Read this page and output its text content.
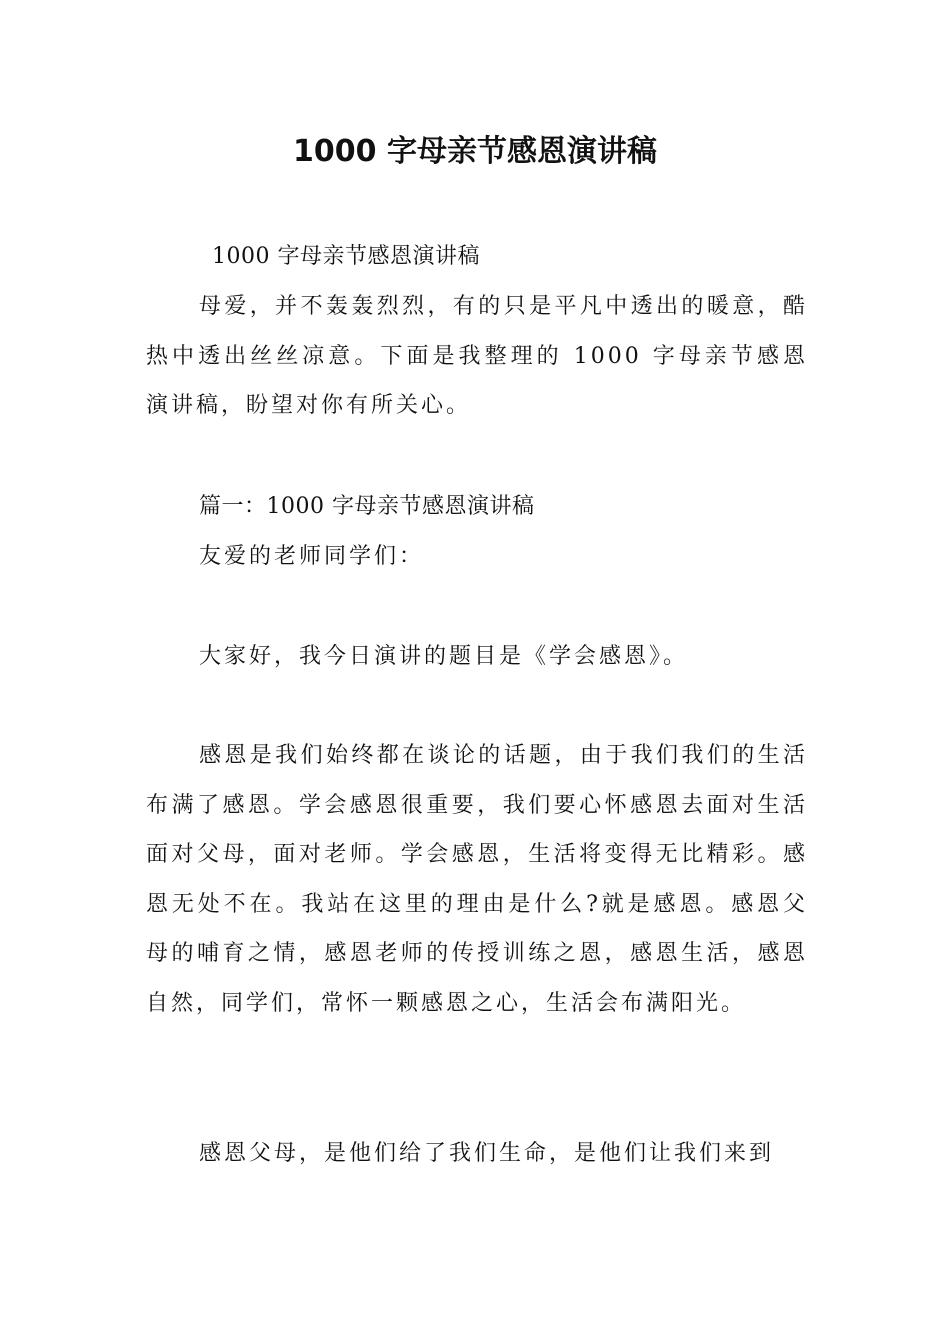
1000 字母亲节感恩演讲稿

1000 字母亲节感恩演讲稿

母爱，并不轰轰烈烈，有的只是平凡中透出的暖意，酷热中透出丝丝凉意。下面是我整理的 1000 字母亲节感恩演讲稿，盼望对你有所关心。

篇一：1000 字母亲节感恩演讲稿

友爱的老师同学们：

大家好，我今日演讲的题目是《学会感恩》。

感恩是我们始终都在谈论的话题，由于我们我们的生活布满了感恩。学会感恩很重要，我们要心怀感恩去面对生活面对父母，面对老师。学会感恩，生活将变得无比精彩。感恩无处不在。我站在这里的理由是什么?就是感恩。感恩父母的哺育之情，感恩老师的传授训练之恩，感恩生活，感恩自然，同学们，常怀一颗感恩之心，生活会布满阳光。

感恩父母，是他们给了我们生命，是他们让我们来到
